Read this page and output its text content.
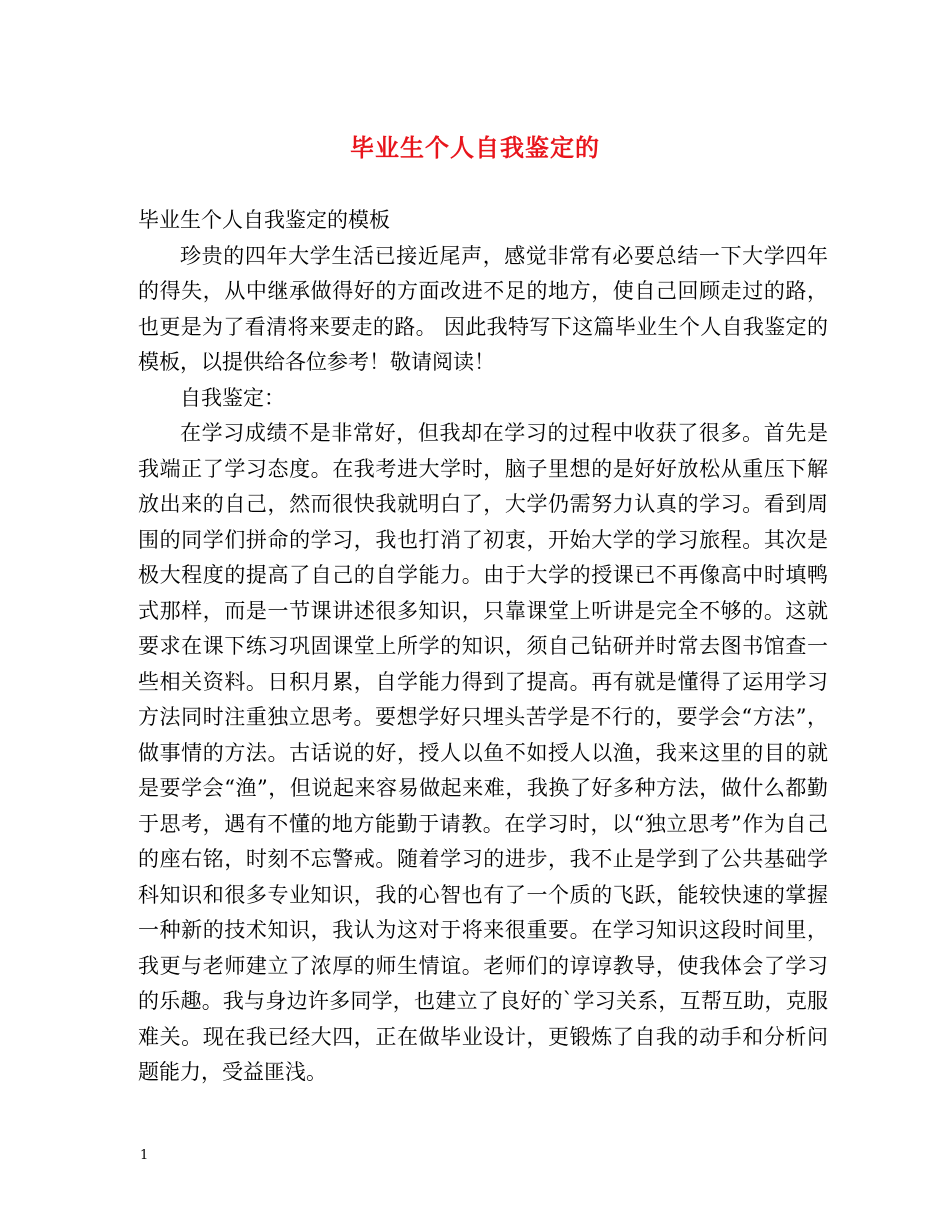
毕业生个人自我鉴定的

毕业生个人自我鉴定的模板

珍贵的四年大学生活已接近尾声，感觉非常有必要总结一下大学四年的得失，从中继承做得好的方面改进不足的地方，使自己回顾走过的路，也更是为了看清将来要走的路。 因此我特写下这篇毕业生个人自我鉴定的模板，以提供给各位参考！敬请阅读！

自我鉴定：

在学习成绩不是非常好，但我却在学习的过程中收获了很多。首先是我端正了学习态度。在我考进大学时，脑子里想的是好好放松从重压下解放出来的自己，然而很快我就明白了，大学仍需努力认真的学习。看到周围的同学们拼命的学习，我也打消了初衷，开始大学的学习旅程。其次是极大程度的提高了自己的自学能力。由于大学的授课已不再像高中时填鸭式那样，而是一节课讲述很多知识，只靠课堂上听讲是完全不够的。这就要求在课下练习巩固课堂上所学的知识，须自己钻研并时常去图书馆查一些相关资料。日积月累，自学能力得到了提高。再有就是懂得了运用学习方法同时注重独立思考。要想学好只埋头苦学是不行的，要学会“方法”，做事情的方法。古话说的好，授人以鱼不如授人以渔，我来这里的目的就是要学会“渔”，但说起来容易做起来难，我换了好多种方法，做什么都勤于思考，遇有不懂的地方能勤于请教。在学习时，以“独立思考”作为自己的座右铭，时刻不忘警戒。随着学习的进步，我不止是学到了公共基础学科知识和很多专业知识，我的心智也有了一个质的飞跃，能较快速的掌握一种新的技术知识，我认为这对于将来很重要。在学习知识这段时间里，我更与老师建立了浓厚的师生情谊。老师们的谆谆教导，使我体会了学习的乐趣。我与身边许多同学，也建立了良好的`学习关系，互帮互助，克服难关。现在我已经大四，正在做毕业设计，更锻炼了自我的动手和分析问题能力，受益匪浅。

1
